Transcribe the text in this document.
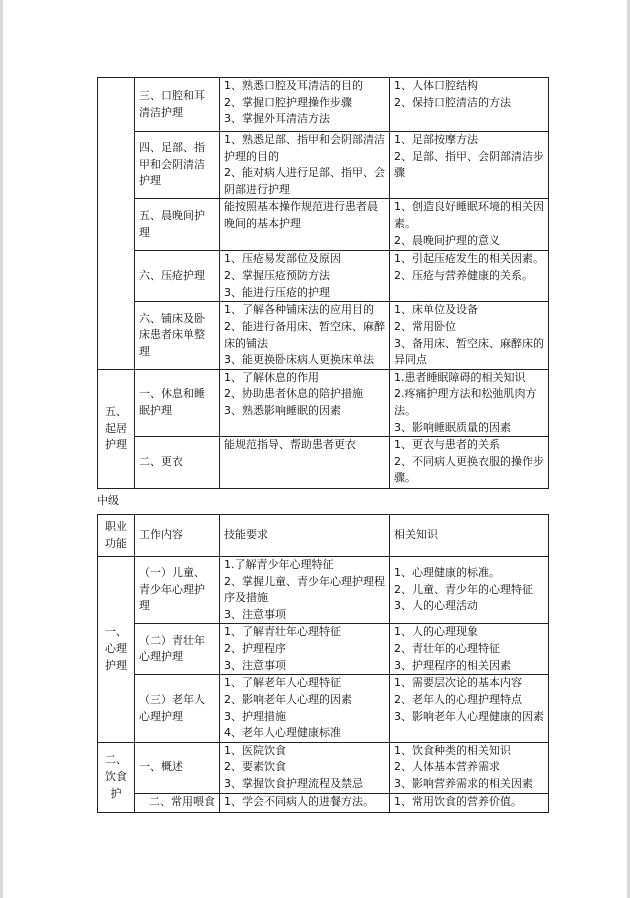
	三、口腔和耳清洁护理	1、熟悉口腔及耳清洁的目的
2、掌握口腔护理操作步骤
3、掌握外耳清洁方法	1、人体口腔结构
2、保持口腔清洁的方法

	四、足部、指甲和会阴清洁护理	1、熟悉足部、指甲和会阴部清洁护理的目的
2、能对病人进行足部、指甲、会阴部进行护理	1、足部按摩方法
2、足部、指甲、会阴部清洁步骤

	五、晨晚间护理	能按照基本操作规范进行患者晨晚间的基本护理	1、创造良好睡眠环境的相关因素。
2、晨晚间护理的意义

	六、压疮护理	1、压疮易发部位及原因
2、掌握压疮预防方法
3、能进行压疮的护理	1、引起压疮发生的相关因素。
2、压疮与营养健康的关系。

	六、铺床及卧床患者床单整理	1、了解各种铺床法的应用目的
2、能进行备用床、暂空床、麻醉床的铺法
3、能更换卧床病人更换床单法	1、床单位及设备
2、常用卧位
3、备用床、暂空床、麻醉床的异同点

五、起居护理	一、休息和睡眠护理	1、了解休息的作用
2、协助患者休息的陪护措施
3、熟悉影响睡眠的因素	1.患者睡眠障碍的相关知识
2.疼痛护理方法和松弛肌肉方法。
3、影响睡眠质量的因素

	二、更衣	能规范指导、帮助患者更衣	1、更衣与患者的关系
2、不同病人更换衣服的操作步骤。
中级
职业功能	工作内容	技能要求	相关知识
一、心理护理	（一）儿童、青少年心理护理	1.了解青少年心理特征
2、掌握儿童、青少年心理护理程序及措施
3、注意事项	1、心理健康的标准。
2、儿童、青少年的心理特征
3、人的心理活动

	（二）青壮年心理护理	1、了解青壮年心理特征
2、护理程序
3、注意事项	1、人的心理现象
2、青壮年的心理特征
3、护理程序的相关因素

	（三）老年人心理护理	1、了解老年人心理特征
2、影响老年人心理的因素
3、护理措施
4、老年人心理健康标准	1、需要层次论的基本内容
2、老年人的心理护理特点
3、影响老年人心理健康的因素

二、饮食护	一、概述	1、医院饮食
2、要素饮食
3、掌握饮食护理流程及禁忌	1、饮食种类的相关知识
2、人体基本营养需求
3、影响营养需求的相关因素

	二、常用喂食	1、学会不同病人的进餐方法。	1、常用饮食的营养价值。
